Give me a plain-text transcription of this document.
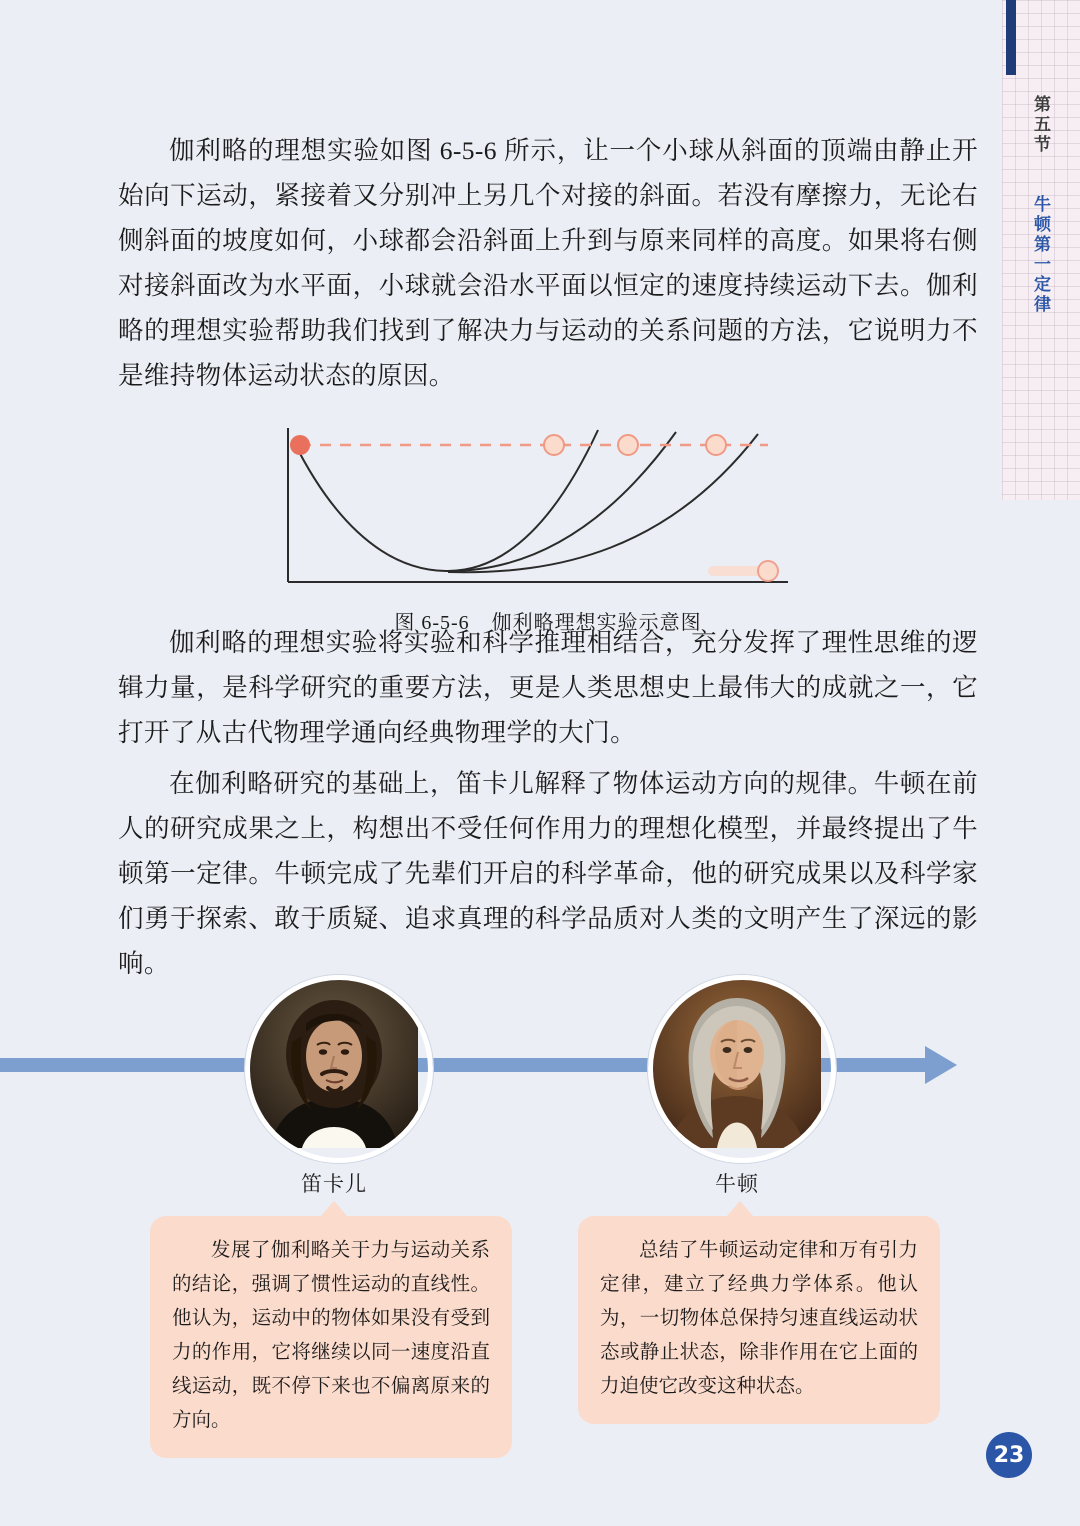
第五节
牛顿第一定律

伽利略的理想实验如图 6-5-6 所示，让一个小球从斜面的顶端由静止开始向下运动，紧接着又分别冲上另几个对接的斜面。若没有摩擦力，无论右侧斜面的坡度如何，小球都会沿斜面上升到与原来同样的高度。如果将右侧对接斜面改为水平面，小球就会沿水平面以恒定的速度持续运动下去。伽利略的理想实验帮助我们找到了解决力与运动的关系问题的方法，它说明力不是维持物体运动状态的原因。

图 6-5-6 伽利略理想实验示意图

伽利略的理想实验将实验和科学推理相结合，充分发挥了理性思维的逻辑力量，是科学研究的重要方法，更是人类思想史上最伟大的成就之一，它打开了从古代物理学通向经典物理学的大门。

在伽利略研究的基础上，笛卡儿解释了物体运动方向的规律。牛顿在前人的研究成果之上，构想出不受任何作用力的理想化模型，并最终提出了牛顿第一定律。牛顿完成了先辈们开启的科学革命，他的研究成果以及科学家们勇于探索、敢于质疑、追求真理的科学品质对人类的文明产生了深远的影响。

笛卡儿	牛顿
发展了伽利略关于力与运动关系的结论，强调了惯性运动的直线性。他认为，运动中的物体如果没有受到力的作用，它将继续以同一速度沿直线运动，既不停下来也不偏离原来的方向。
总结了牛顿运动定律和万有引力定律，建立了经典力学体系。他认为，一切物体总保持匀速直线运动状态或静止状态，除非作用在它上面的力迫使它改变这种状态。
23
